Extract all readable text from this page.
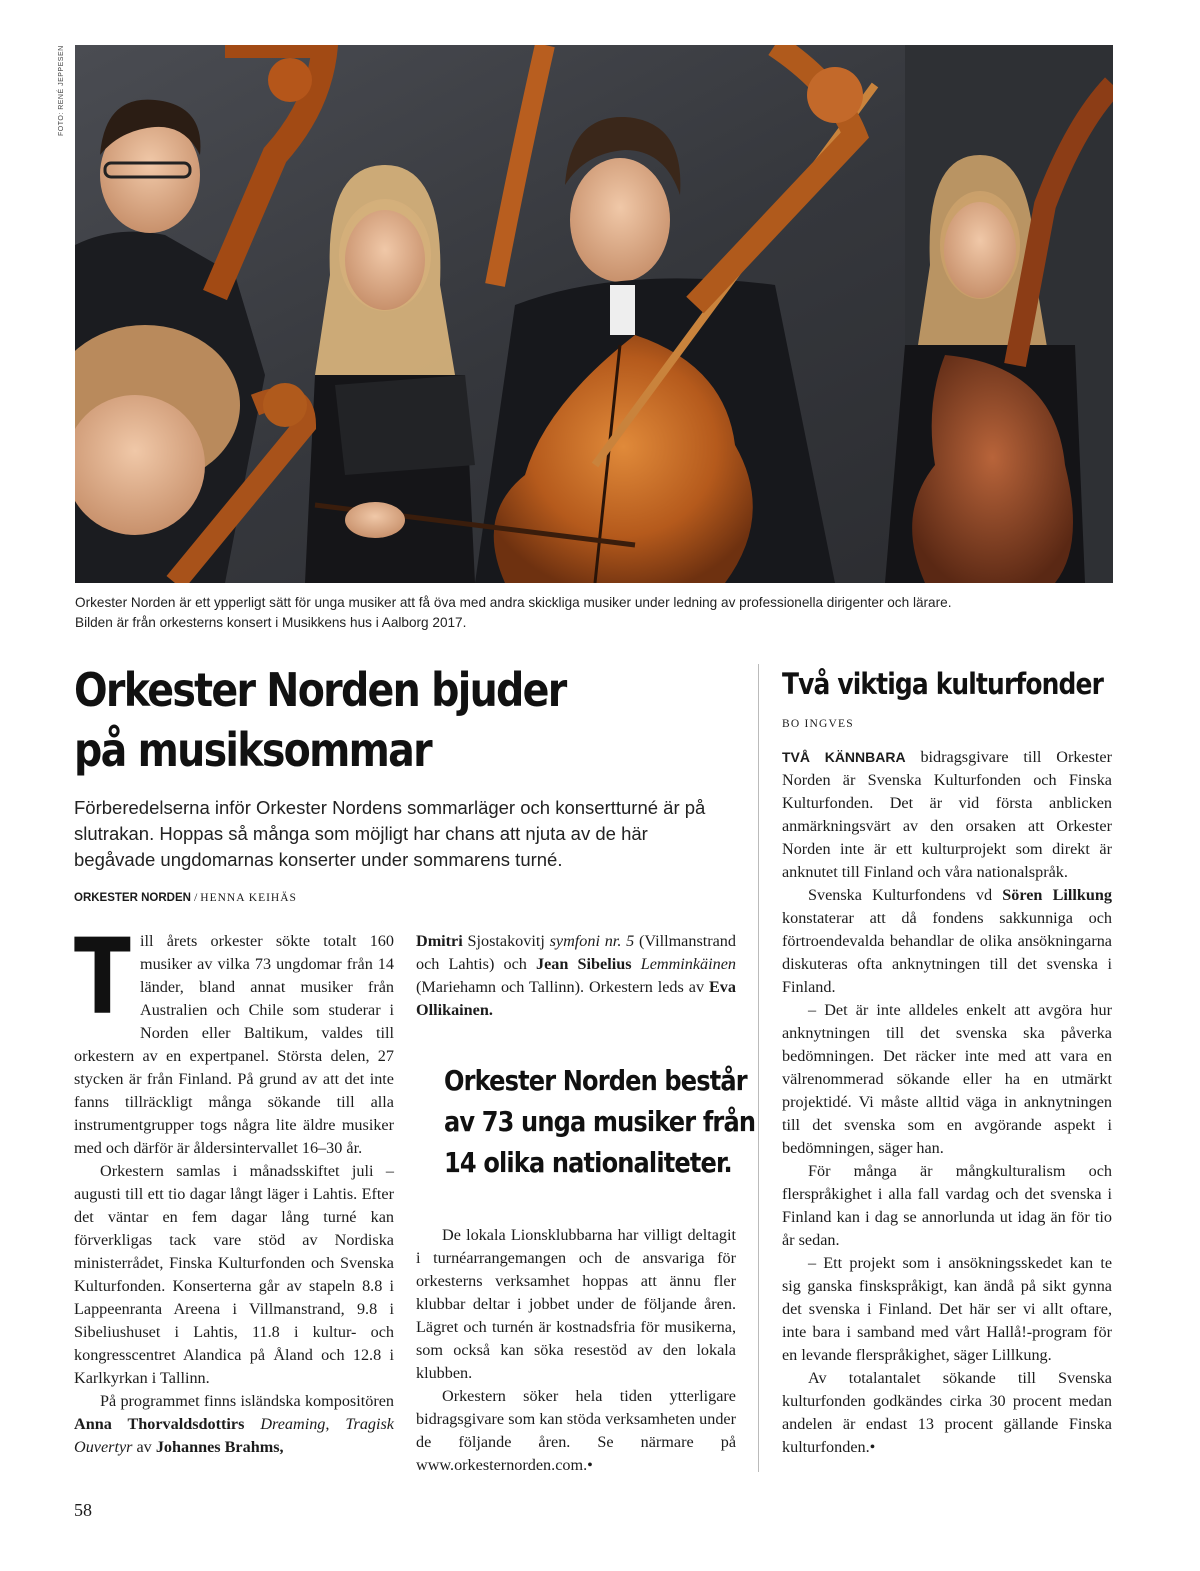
FOTO: RENÉ JEPPESEN
Orkester Norden är ett ypperligt sätt för unga musiker att få öva med andra skickliga musiker under ledning av professionella dirigenter och lärare.
Bilden är från orkesterns konsert i Musikkens hus i Aalborg 2017.
Orkester Norden bjuder
på musiksommar

Förberedelserna inför Orkester Nordens sommarläger och konsertturné är på slutrakan. Hoppas så många som möjligt har chans att njuta av de här begåvade ungdomarnas konserter under sommarens turné.

ORKESTER NORDEN / HENNA KEIHÄS

Till årets orkester sökte totalt 160 musiker av vilka 73 ungdomar från 14 länder, bland annat musiker från Australien och Chile som studerar i Norden eller Baltikum, valdes till orkestern av en expertpanel. Största delen, 27 stycken är från Finland. På grund av att det inte fanns tillräckligt många sökande till alla instrumentgrupper togs några lite äldre musiker med och därför är åldersintervallet 16–30 år.

Orkestern samlas i månadsskiftet juli – augusti till ett tio dagar långt läger i Lahtis. Efter det väntar en fem dagar lång turné kan förverkligas tack vare stöd av Nordiska ministerrådet, Finska Kulturfonden och Svenska Kulturfonden. Konserterna går av stapeln 8.8 i Lappeenranta Areena i Villmanstrand, 9.8 i Sibeliushuset i Lahtis, 11.8 i kultur- och kongresscentret Alandica på Åland och 12.8 i Karlkyrkan i Tallinn.

På programmet finns isländska kompositören Anna Thorvaldsdottirs Dreaming, Tragisk Ouvertyr av Johannes Brahms,

Dmitri Sjostakovitj symfoni nr. 5 (Villmanstrand och Lahtis) och Jean Sibelius Lemminkäinen (Mariehamn och Tallinn). Orkestern leds av Eva Ollikainen.

Orkester Norden består
av 73 unga musiker från
14 olika nationaliteter.

De lokala Lionsklubbarna har villigt deltagit i turnéarrangemangen och de ansvariga för orkesterns verksamhet hoppas att ännu fler klubbar deltar i jobbet under de följande åren. Lägret och turnén är kostnadsfria för musikerna, som också kan söka resestöd av den lokala klubben.

Orkestern söker hela tiden ytterligare bidragsgivare som kan stöda verksamheten under de följande åren. Se närmare på www.orkesternorden.com.•

Två viktiga kulturfonder
BO INGVES

TVÅ KÄNNBARA bidragsgivare till Orkester Norden är Svenska Kulturfonden och Finska Kulturfonden. Det är vid första anblicken anmärkningsvärt av den orsaken att Orkester Norden inte är ett kulturprojekt som direkt är anknutet till Finland och våra nationalspråk.

Svenska Kulturfondens vd Sören Lillkung konstaterar att då fondens sakkunniga och förtroendevalda behandlar de olika ansökningarna diskuteras ofta anknytningen till det svenska i Finland.

– Det är inte alldeles enkelt att avgöra hur anknytningen till det svenska ska påverka bedömningen. Det räcker inte med att vara en välrenommerad sökande eller ha en utmärkt projektidé. Vi måste alltid väga in anknytningen till det svenska som en avgörande aspekt i bedömningen, säger han.

För många är mångkulturalism och flerspråkighet i alla fall vardag och det svenska i Finland kan i dag se annorlunda ut idag än för tio år sedan.

– Ett projekt som i ansökningsskedet kan te sig ganska finskspråkigt, kan ändå på sikt gynna det svenska i Finland. Det här ser vi allt oftare, inte bara i samband med vårt Hallå!-program för en levande flerspråkighet, säger Lillkung.

Av totalantalet sökande till Svenska kulturfonden godkändes cirka 30 procent medan andelen är endast 13 procent gällande Finska kulturfonden.•

58
